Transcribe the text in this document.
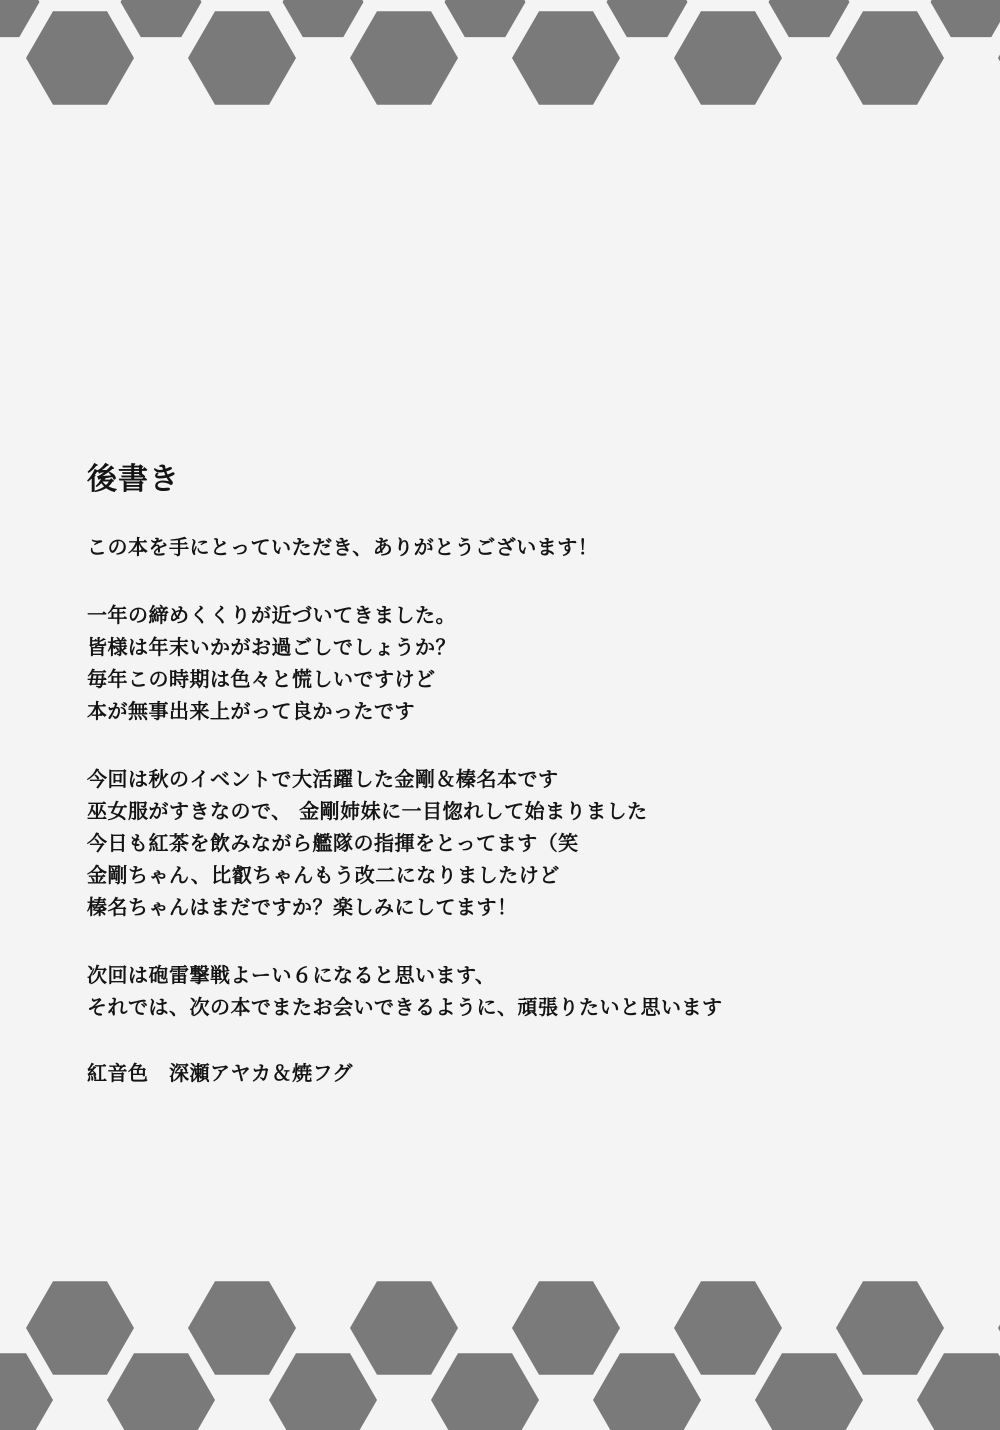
後書き
この本を手にとっていただき、ありがとうございます！
一年の締めくくりが近づいてきました。
皆様は年末いかがお過ごしでしょうか？
毎年この時期は色々と慌しいですけど
本が無事出来上がって良かったです
今回は秋のイベントで大活躍した金剛＆榛名本です
巫女服がすきなので、 金剛姉妹に一目惚れして始まりました
今日も紅茶を飲みながら艦隊の指揮をとってます（笑
金剛ちゃん、比叡ちゃんもう改二になりましたけど
榛名ちゃんはまだですか？楽しみにしてます！
次回は砲雷撃戦よーい６になると思います、
それでは、次の本でまたお会いできるように、頑張りたいと思います
紅音色　深瀬アヤカ＆焼フグ
